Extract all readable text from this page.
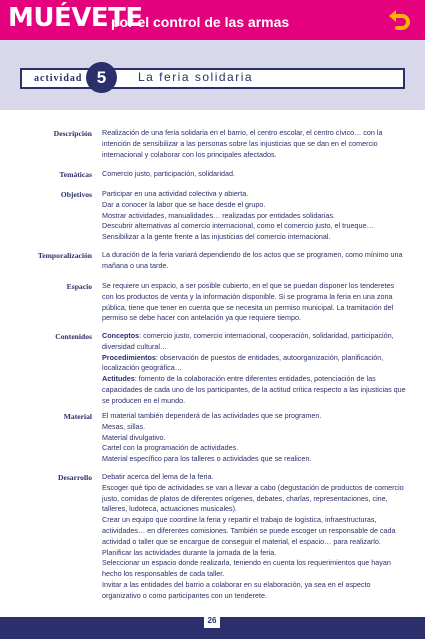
MUÉVETE
por el control de las armas
actividad 5	La feria solidaria
Descripción Realización de una feria solidaria en el barrio, el centro escolar, el centro cívico… con la intención de sensibilizar a las personas sobre las injusticias que se dan en el comercio internacional y colaborar con los principales afectados.

Temáticas Comercio justo, participación, solidaridad.

Objetivos Participar en una actividad colectiva y abierta.

Dar a conocer la labor que se hace desde el grupo.

Mostrar actividades, manualidades… realizadas por entidades solidarias.

Descubrir alternativas al comercio internacional, como el comercio justo, el trueque…

Sensibilizar a la gente frente a las injusticias del comercio internacional.

Temporalización La duración de la feria variará dependiendo de los actos que se programen, como mínimo una mañana o una tarde.

Espacio Se requiere un espacio, a ser posible cubierto, en el que se puedan disponer los tenderetes con los productos de venta y la información disponible. Si se programa la feria en una zona pública, tiene que tener en cuenta que se necesita un permiso municipal. La tramitación del permiso se debe hacer con antelación ya que requiere tiempo.

Contenidos Conceptos: comercio justo, comercio internacional, cooperación, solidaridad, participación, diversidad cultural…

Procedimientos: observación de puestos de entidades, autoorganización, planificación, localización geográfica…

Actitudes: fomento de la colaboración entre diferentes entidades, potenciación de las capacidades de cada uno de los participantes, de la actitud crítica respecto a las injusticias que se producen en el mundo.

Material El material también dependerá de las actividades que se programen.

Mesas, sillas.

Material divulgativo.

Cartel con la programación de actividades.

Material específico para los talleres o actividades que se realicen.

Desarrollo Debatir acerca del lema de la feria.

Escoger qué tipo de actividades se van a llevar a cabo (degustación de productos de comercio justo, comidas de platos de diferentes orígenes, debates, charlas, representaciones, cine, talleres, ludoteca, actuaciones musicales).

Crear un equipo que coordine la feria y repartir el trabajo de logística, infraestructuras, actividades… en diferentes comisiones. También se puede escoger un responsable de cada actividad o taller que se encargue de conseguir el material, el espacio… para realizarlo.

Planificar las actividades durante la jornada de la feria.

Seleccionar un espacio donde realizarla, teniendo en cuenta los requerimientos que hayan hecho los responsables de cada taller.

Invitar a las entidades del barrio a colaborar en su elaboración, ya sea en el aspecto organizativo o como participantes con un tenderete.

26
